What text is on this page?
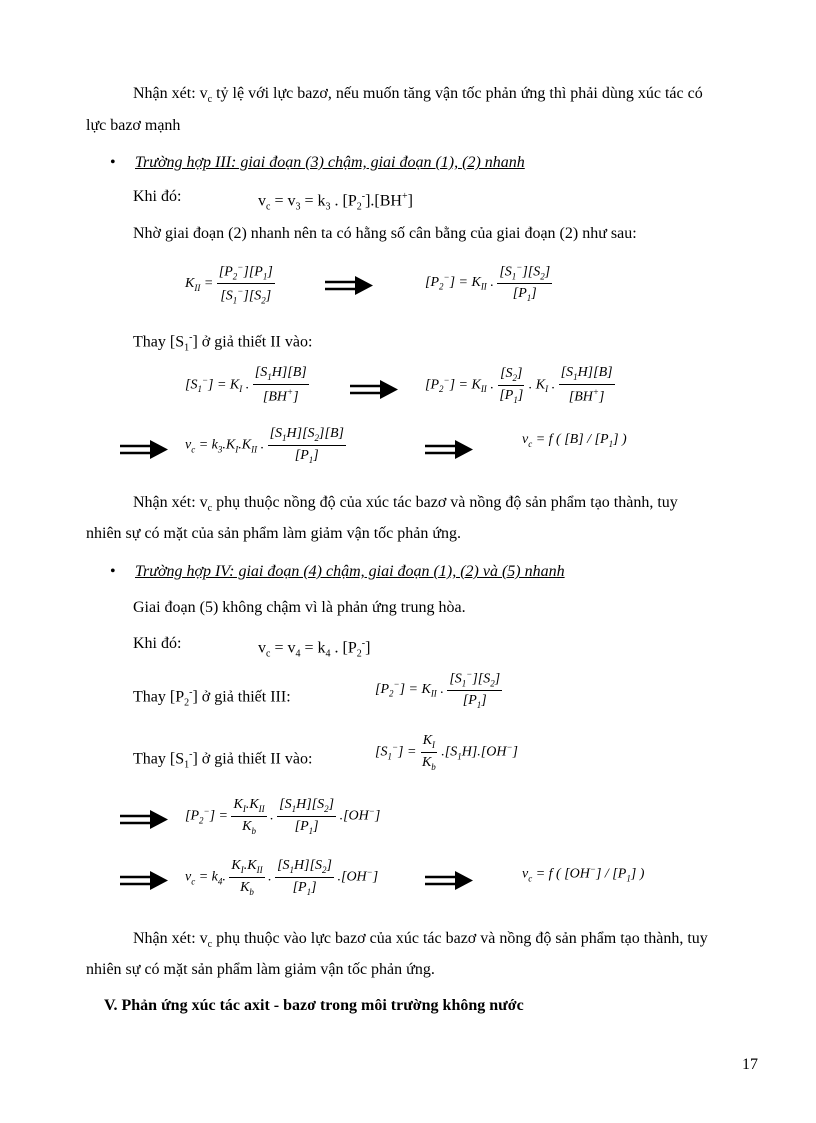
Nhận xét: $v_c$ tỷ lệ với lực bazơ, nếu muốn tăng vận tốc phản ứng thì phải dùng xúc tác có
lực bazơ mạnh
• Trường hợp III: giai đoạn (3) chậm, giai đoạn (1), (2) nhanh
Khi đó:	$v_c = v_3 = k_3$ . $[P_2^-].[BH^+]$
Nhờ giai đoạn (2) nhanh nên ta có hằng số cân bằng của giai đoạn (2) như sau:
$K_{II} = \frac{[P_2^-][P_1]}{[S_1^-][S_2]}$	$[P_2^-] = K_{II}$ . $\frac{[S_1^-][S_2]}{[P_1]}$
Thay $[S_1^-]$ ở giả thiết II vào:
$[S_1^-] = K_I$ . $\frac{[S_1H][B]}{[BH^+]}$	$[P_2^-] = K_{II}$ . $\frac{[S_2]}{[P_1]}$ . $K_I$ . $\frac{[S_1H][B]}{[BH^+]}$
$v_c = k_3.K_I.K_{II}$ . $\frac{[S_1H][S_2][B]}{[P_1]}$	$v_c = f$ ( $[B] / [P_1]$ )
Nhận xét: $v_c$ phụ thuộc nồng độ của xúc tác bazơ và nồng độ sản phẩm tạo thành, tuy
nhiên sự có mặt của sản phẩm làm giảm vận tốc phản ứng.
• Trường hợp IV: giai đoạn (4) chậm, giai đoạn (1), (2) và (5) nhanh
Giai đoạn (5) không chậm vì là phản ứng trung hòa.
Khi đó:	$v_c = v_4 = k_4$ . $[P_2^-]$
Thay $[P_2^-]$ ở giả thiết III:	$[P_2^-] = K_{II}$ . $\frac{[S_1^-][S_2]}{[P_1]}$
Thay $[S_1^-]$ ở giả thiết II vào:	$[S_1^-] = \frac{K_I}{K_b} .[S_1H].[OH^-]$
$[P_2^-] = \frac{K_I.K_{II}}{K_b}$ . $\frac{[S_1H][S_2]}{[P_1]} .[OH^-]$
$v_c = k_4$. $\frac{K_I.K_{II}}{K_b}$ . $\frac{[S_1H][S_2]}{[P_1]} .[OH^-]$	$v_c = f$ ( $[OH^-] / [P_1]$ )
Nhận xét: $v_c$ phụ thuộc vào lực bazơ của xúc tác bazơ và nồng độ sản phẩm tạo thành, tuy
nhiên sự có mặt sản phẩm làm giảm vận tốc phản ứng.
V. Phản ứng xúc tác axit - bazơ trong môi trường không nước
17
